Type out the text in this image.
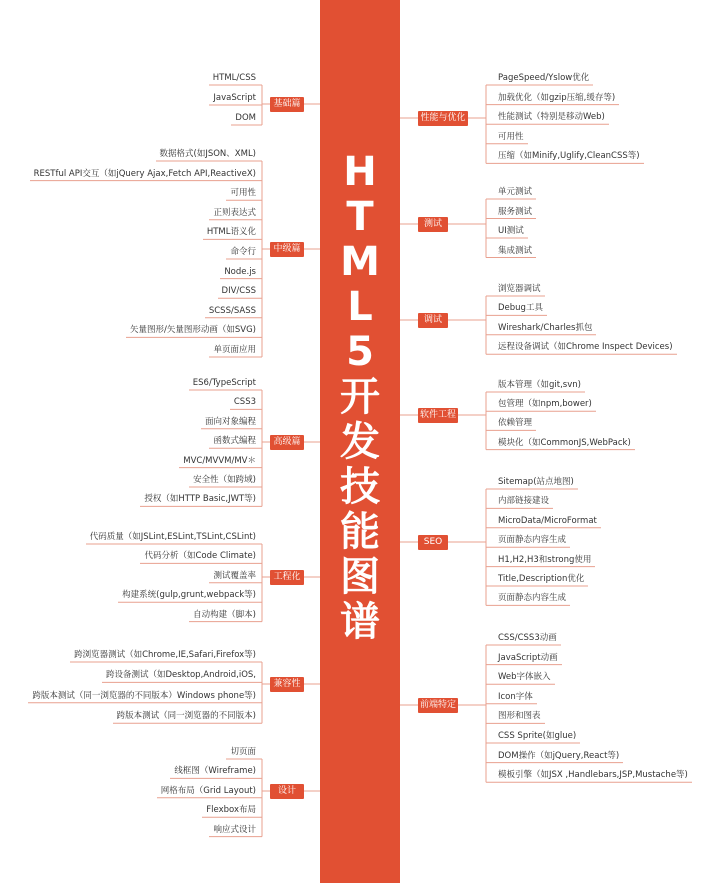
H
T
M
L
5
开
发
技
能
图
谱
基础篇
HTML/CSS
JavaScript
DOM
中级篇
数据格式(如JSON、XML)
RESTful API交互（如jQuery Ajax,Fetch API,ReactiveX)
可用性
正则表达式
HTML语义化
命令行
Node.js
DIV/CSS
SCSS/SASS
矢量图形/矢量图形动画（如SVG)
单页面应用
高级篇
ES6/TypeScript
CSS3
面向对象编程
函数式编程
MVC/MVVM/MV＊
安全性（如跨域)
授权（如HTTP Basic,JWT等)
工程化
代码质量（如JSLint,ESLint,TSLint,CSLint)
代码分析（如Code Climate)
测试覆盖率
构建系统(gulp,grunt,webpack等)
自动构建（脚本)
兼容性
跨浏览器测试（如Chrome,IE,Safari,Firefox等)
跨设备测试（如Desktop,Android,iOS,
跨版本测试（同一浏览器的不同版本）Windows phone等)
跨版本测试（同一浏览器的不同版本)
设计
切页面
线框图（Wireframe)
网格布局（Grid Layout)
Flexbox布局
响应式设计
性能与优化
PageSpeed/Yslow优化
加载优化（如gzip压缩,缓存等)
性能测试（特别是移动Web)
可用性
压缩（如Minify,Uglify,CleanCSS等)
测试
单元测试
服务测试
UI测试
集成测试
调试
浏览器调试
Debug工具
Wireshark/Charles抓包
远程设备调试（如Chrome Inspect Devices)
软件工程
版本管理（如git,svn)
包管理（如npm,bower)
依赖管理
模块化（如CommonJS,WebPack)
SEO
Sitemap(站点地图)
内部链接建设
MicroData/MicroFormat
页面静态内容生成
H1,H2,H3和strong使用
Title,Description优化
页面静态内容生成
前端特定
CSS/CSS3动画
JavaScript动画
Web字体嵌入
Icon字体
图形和图表
CSS Sprite(如glue)
DOM操作（如jQuery,React等)
模板引擎（如JSX ,Handlebars,JSP,Mustache等)
